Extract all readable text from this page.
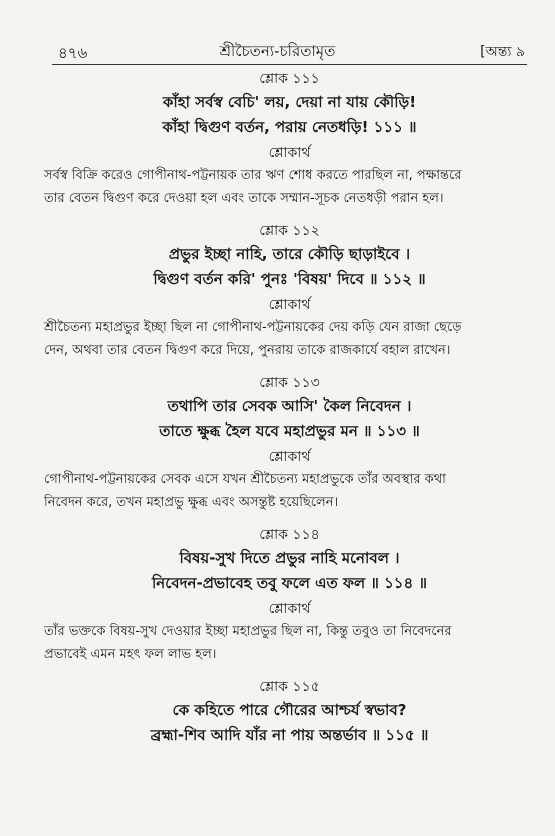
৪৭৬	শ্রীচৈতন্য-চরিতামৃত	[অন্ত্য ৯
শ্লোক ১১১
কাঁহা সর্বস্ব বেচি' লয়, দেয়া না যায় কৌড়ি!
কাঁহা দ্বিগুণ বর্তন, পরায় নেতধড়ি! ১১১ ॥
শ্লোকার্থ
সর্বস্ব বিক্রি করেও গোপীনাথ-পট্টনায়ক তার ঋণ শোধ করতে পারছিল না, পক্ষান্তরে
তার বেতন দ্বিগুণ করে দেওয়া হল এবং তাকে সম্মান-সূচক নেতধড়ী পরান হল।
শ্লোক ১১২
প্রভুর ইচ্ছা নাহি, তারে কৌড়ি ছাড়াইবে ।
দ্বিগুণ বর্তন করি' পুনঃ 'বিষয়' দিবে ॥ ১১২ ॥
শ্লোকার্থ
শ্রীচৈতন্য মহাপ্রভুর ইচ্ছা ছিল না গোপীনাথ-পট্টনায়কের দেয় কড়ি যেন রাজা ছেড়ে
দেন, অথবা তার বেতন দ্বিগুণ করে দিয়ে, পুনরায় তাকে রাজকার্যে বহাল রাখেন।
শ্লোক ১১৩
তথাপি তার সেবক আসি' কৈল নিবেদন ।
তাতে ক্ষুব্ধ হৈল যবে মহাপ্রভুর মন ॥ ১১৩ ॥
শ্লোকার্থ
গোপীনাথ-পট্টনায়কের সেবক এসে যখন শ্রীচৈতন্য মহাপ্রভুকে তাঁর অবস্থার কথা
নিবেদন করে, তখন মহাপ্রভু ক্ষুব্ধ এবং অসন্তুষ্ট হয়েছিলেন।
শ্লোক ১১৪
বিষয়-সুখ দিতে প্রভুর নাহি মনোবল ।
নিবেদন-প্রভাবেহ তবু ফলে এত ফল ॥ ১১৪ ॥
শ্লোকার্থ
তাঁর ভক্তকে বিষয়-সুখ দেওয়ার ইচ্ছা মহাপ্রভুর ছিল না, কিন্তু তবুও তা নিবেদনের
প্রভাবেই এমন মহৎ ফল লাভ হল।
শ্লোক ১১৫
কে কহিতে পারে গৌরের আশ্চর্য স্বভাব?
ব্রহ্মা-শিব আদি যাঁর না পায় অন্তর্ভাব ॥ ১১৫ ॥
